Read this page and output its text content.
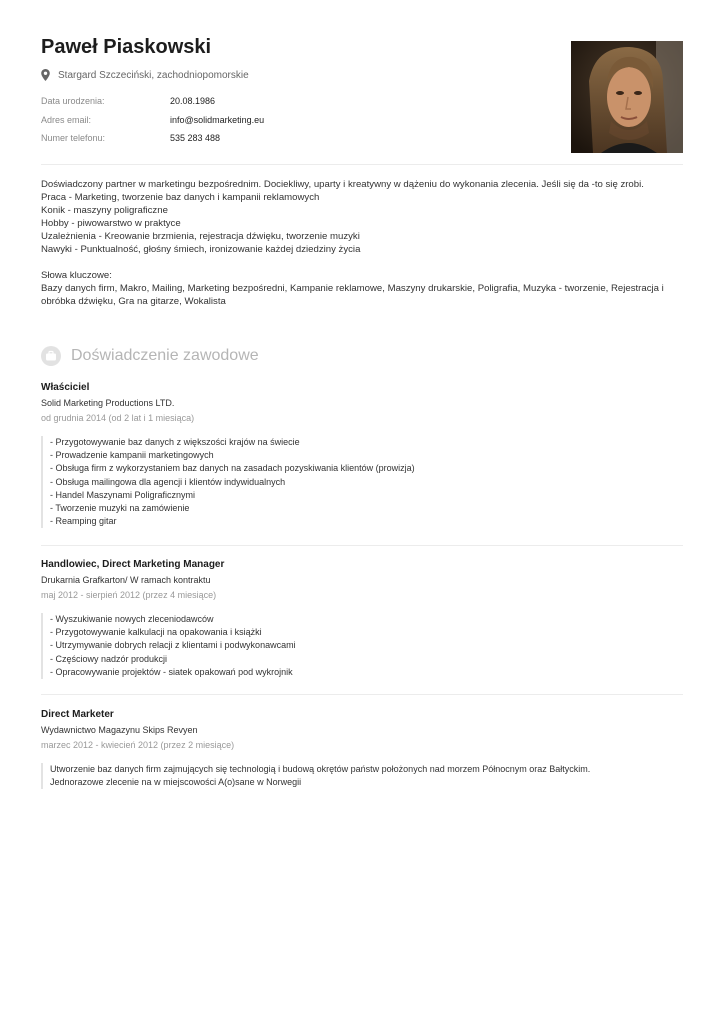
Paweł Piaskowski
Stargard Szczeciński, zachodniopomorskie
Data urodzenia:	20.08.1986
Adres email:	info@solidmarketing.eu
Numer telefonu:	535 283 488
Doświadczony partner w marketingu bezpośrednim. Dociekliwy, uparty i kreatywny w dążeniu do wykonania zlecenia. Jeśli się da -to się zrobi.
Praca - Marketing, tworzenie baz danych i kampanii reklamowych
Konik - maszyny poligraficzne
Hobby - piwowarstwo w praktyce
Uzależnienia - Kreowanie brzmienia, rejestracja dźwięku, tworzenie muzyki
Nawyki - Punktualność, głośny śmiech, ironizowanie każdej dziedziny życia
Słowa kluczowe:
Bazy danych firm, Makro, Mailing, Marketing bezpośredni, Kampanie reklamowe, Maszyny drukarskie, Poligrafia, Muzyka - tworzenie, Rejestracja i obróbka dźwięku, Gra na gitarze, Wokalista
Doświadczenie zawodowe
Właściciel
Solid Marketing Productions LTD.
od grudnia 2014 (od 2 lat i 1 miesiąca)
- Przygotowywanie baz danych z większości krajów na świecie
- Prowadzenie kampanii marketingowych
- Obsługa firm z wykorzystaniem baz danych na zasadach pozyskiwania klientów (prowizja)
- Obsługa mailingowa dla agencji i klientów indywidualnych
- Handel Maszynami Poligraficznymi
- Tworzenie muzyki na zamówienie
- Reamping gitar
Handlowiec, Direct Marketing Manager
Drukarnia Grafkarton/ W ramach kontraktu
maj 2012 - sierpień 2012 (przez 4 miesiące)
- Wyszukiwanie nowych zleceniodawców
- Przygotowywanie kalkulacji na opakowania i książki
- Utrzymywanie dobrych relacji z klientami i podwykonawcami
- Częściowy nadzór produkcji
- Opracowywanie projektów - siatek opakowań pod wykrojnik
Direct Marketer
Wydawnictwo Magazynu Skips Revyen
marzec 2012 - kwiecień 2012 (przez 2 miesiące)
Utworzenie baz danych firm zajmujących się technologią i budową okrętów państw położonych nad morzem Północnym oraz Bałtyckim.
Jednorazowe zlecenie na w miejscowości A(o)sane w Norwegii
